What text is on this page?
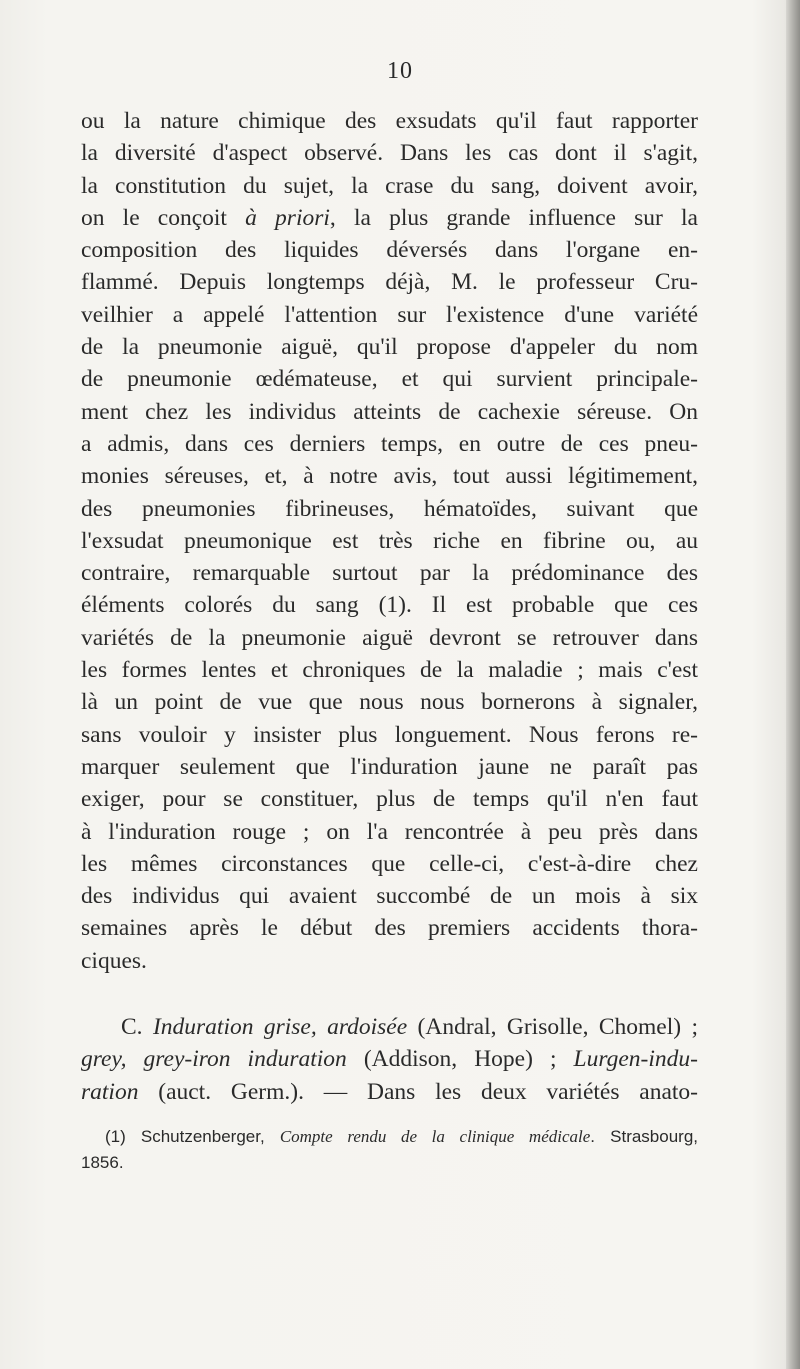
10
ou la nature chimique des exsudats qu'il faut rapporter
la diversité d'aspect observé. Dans les cas dont il s'agit,
la constitution du sujet, la crase du sang, doivent avoir,
on le conçoit à priori, la plus grande influence sur la
composition des liquides déversés dans l'organe en-
flammé. Depuis longtemps déjà, M. le professeur Cru-
veilhier a appelé l'attention sur l'existence d'une variété
de la pneumonie aiguë, qu'il propose d'appeler du nom
de pneumonie œdémateuse, et qui survient principale-
ment chez les individus atteints de cachexie séreuse. On
a admis, dans ces derniers temps, en outre de ces pneu-
monies séreuses, et, à notre avis, tout aussi légitimement,
des pneumonies fibrineuses, hématoïdes, suivant que
l'exsudat pneumonique est très riche en fibrine ou, au
contraire, remarquable surtout par la prédominance des
éléments colorés du sang (1). Il est probable que ces
variétés de la pneumonie aiguë devront se retrouver dans
les formes lentes et chroniques de la maladie ; mais c'est
là un point de vue que nous nous bornerons à signaler,
sans vouloir y insister plus longuement. Nous ferons re-
marquer seulement que l'induration jaune ne paraît pas
exiger, pour se constituer, plus de temps qu'il n'en faut
à l'induration rouge ; on l'a rencontrée à peu près dans
les mêmes circonstances que celle-ci, c'est-à-dire chez
des individus qui avaient succombé de un mois à six
semaines après le début des premiers accidents thora-
ciques.
C. Induration grise, ardoisée (Andral, Grisolle, Chomel) ;
grey, grey-iron induration (Addison, Hope) ; Lurgen-indu-
ration (auct. Germ.). — Dans les deux variétés anato-
(1) Schutzenberger, Compte rendu de la clinique médicale. Strasbourg,
1856.
